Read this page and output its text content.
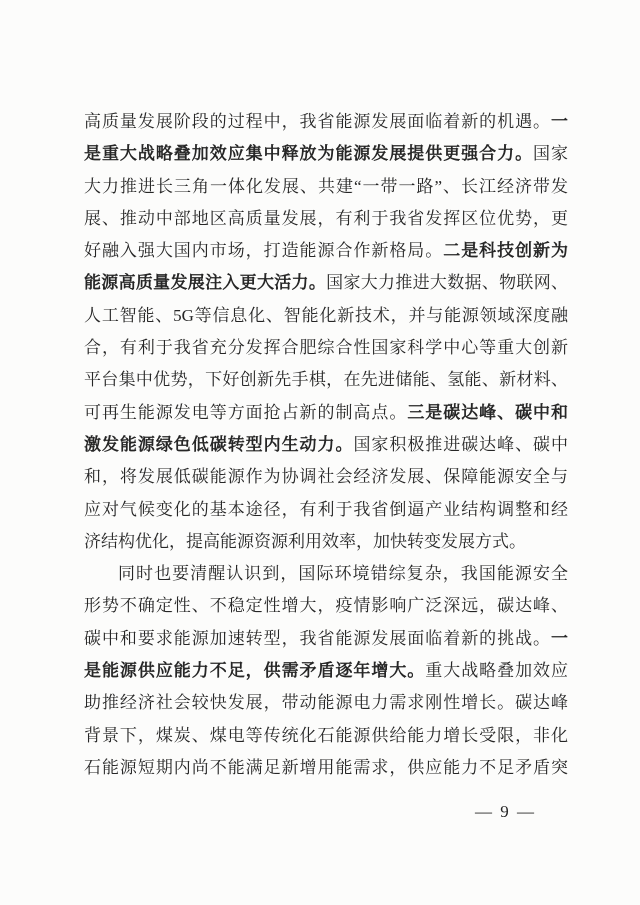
高质量发展阶段的过程中，我省能源发展面临着新的机遇。一
是重大战略叠加效应集中释放为能源发展提供更强合力。国家
大力推进长三角一体化发展、共建“一带一路”、长江经济带发
展、推动中部地区高质量发展，有利于我省发挥区位优势，更
好融入强大国内市场，打造能源合作新格局。二是科技创新为
能源高质量发展注入更大活力。国家大力推进大数据、物联网、
人工智能、5G等信息化、智能化新技术，并与能源领域深度融
合，有利于我省充分发挥合肥综合性国家科学中心等重大创新
平台集中优势，下好创新先手棋，在先进储能、氢能、新材料、
可再生能源发电等方面抢占新的制高点。三是碳达峰、碳中和
激发能源绿色低碳转型内生动力。国家积极推进碳达峰、碳中
和，将发展低碳能源作为协调社会经济发展、保障能源安全与
应对气候变化的基本途径，有利于我省倒逼产业结构调整和经
济结构优化，提高能源资源利用效率，加快转变发展方式。
同时也要清醒认识到，国际环境错综复杂，我国能源安全
形势不确定性、不稳定性增大，疫情影响广泛深远，碳达峰、
碳中和要求能源加速转型，我省能源发展面临着新的挑战。一
是能源供应能力不足，供需矛盾逐年增大。重大战略叠加效应
助推经济社会较快发展，带动能源电力需求刚性增长。碳达峰
背景下，煤炭、煤电等传统化石能源供给能力增长受限，非化
石能源短期内尚不能满足新增用能需求，供应能力不足矛盾突
— 9 —
